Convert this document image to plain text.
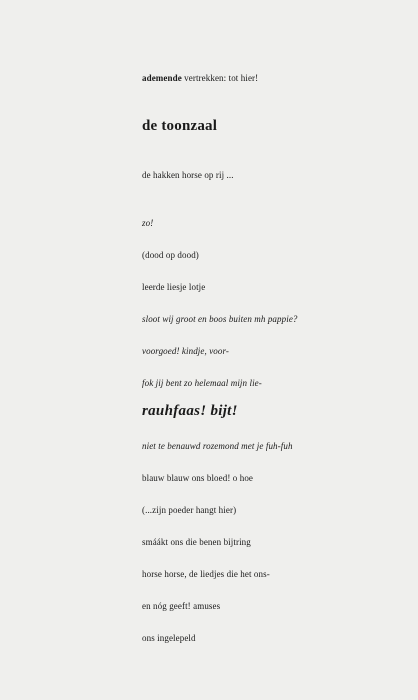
ademende vertrekken: tot hier!
de toonzaal
de hakken horse op rij ...
zo!
(dood op dood)
leerde liesje lotje
sloot wij groot en boos buiten mh pappie?
voorgoed! kindje, voor-
fok jij bent zo helemaal mijn lie-
rauhfaas! bijt!
niet te benauwd rozemond met je fuh-fuh
blauw blauw ons bloed! o hoe
(...zijn poeder hangt hier)
smáákt ons die benen bijtring
horse horse, de liedjes die het ons-
en nóg geeft! amuses
ons ingelepeld
